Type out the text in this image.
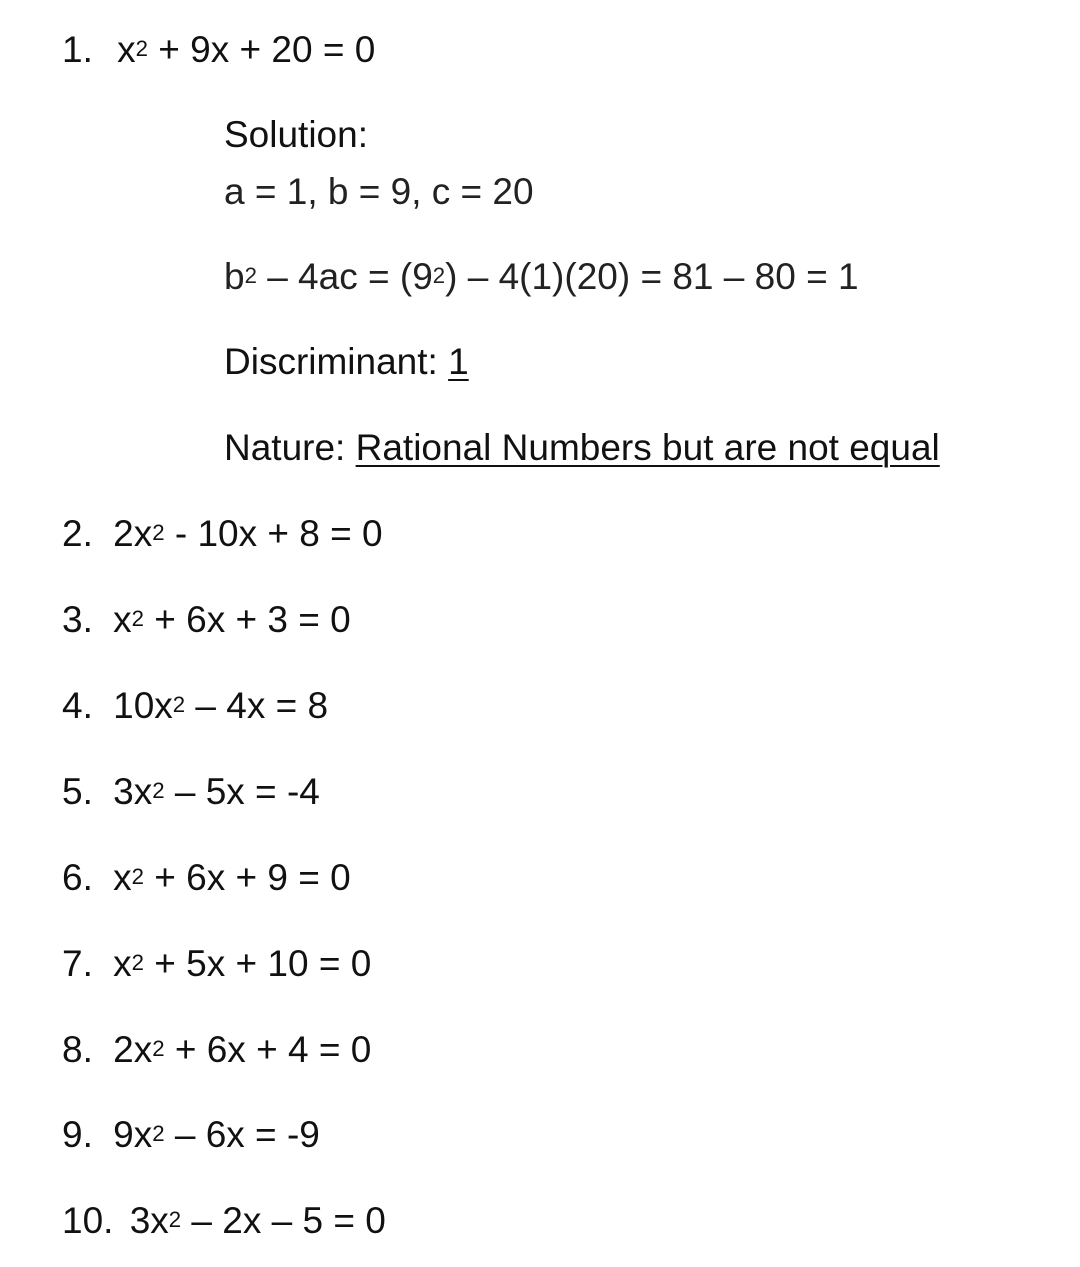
1. $x^2 + 9x + 20 = 0$
Solution:
a = 1, b = 9, c = 20
$b^2 - 4ac = (9^2) - 4(1)(20) = 81 - 80 = 1$
Discriminant: 1
Nature: Rational Numbers but are not equal
2. $2x^2 - 10x + 8 = 0$
3. $x^2 + 6x + 3 = 0$
4. $10x^2 - 4x = 8$
5. $3x^2 - 5x = -4$
6. $x^2 + 6x + 9 = 0$
7. $x^2 + 5x + 10 = 0$
8. $2x^2 + 6x + 4 = 0$
9. $9x^2 - 6x = -9$
10. $3x^2 - 2x - 5 = 0$
